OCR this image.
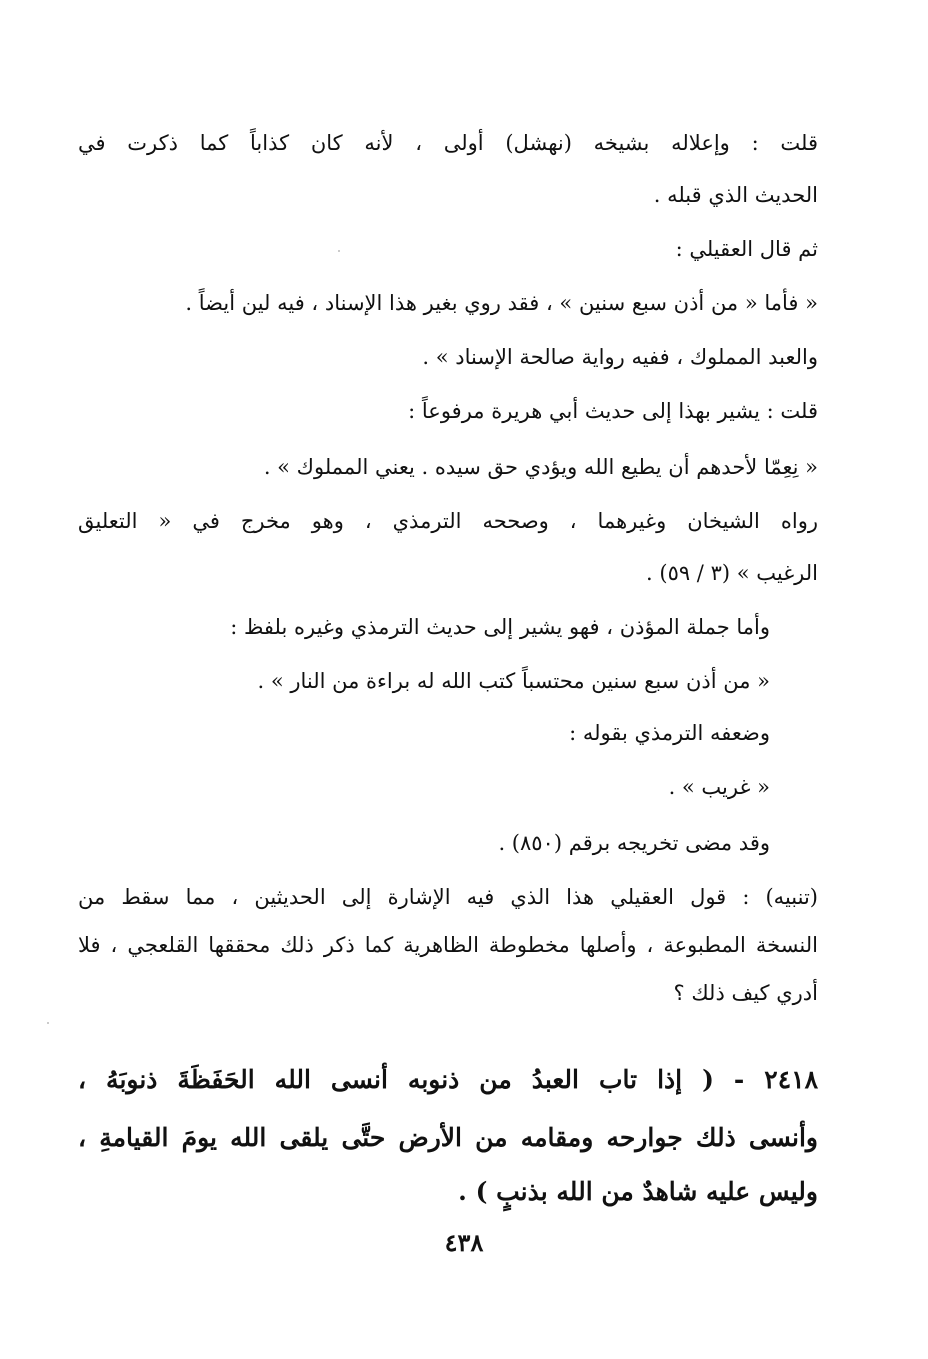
قلت : وإعلاله بشيخه (نهشل) أولى ، لأنه كان كذاباً كما ذكرت في
الحديث الذي قبله .
ثم قال العقيلي :
« فأما « من أذن سبع سنين » ، فقد روي بغير هذا الإسناد ، فيه لين أيضاً .
والعبد المملوك ، ففيه رواية صالحة الإسناد » .
قلت : يشير بهذا إلى حديث أبي هريرة مرفوعاً :
« نِعِمّا لأحدهم أن يطيع الله ويؤدي حق سيده . يعني المملوك » .
رواه الشيخان وغيرهما ، وصححه الترمذي ، وهو مخرج في « التعليق
الرغيب » (٣ / ٥٩) .
وأما جملة المؤذن ، فهو يشير إلى حديث الترمذي وغيره بلفظ :
« من أذن سبع سنين محتسباً كتب الله له براءة من النار » .
وضعفه الترمذي بقوله :
« غريب » .
وقد مضى تخريجه برقم (٨٥٠) .
(تنبيه) : قول العقيلي هذا الذي فيه الإشارة إلى الحديثين ، مما سقط من
النسخة المطبوعة ، وأصلها مخطوطة الظاهرية كما ذكر ذلك محققها القلعجي ، فلا
أدري كيف ذلك ؟
٢٤١٨ - ( إذا تاب العبدُ من ذنوبه أنسى الله الحَفَظَةَ ذنوبَهُ ،
وأنسى ذلك جوارحه ومقامه من الأرض حتَّى يلقى الله يومَ القيامةِ ،
وليس عليه شاهدٌ من الله بذنبٍ ) .
٤٣٨
